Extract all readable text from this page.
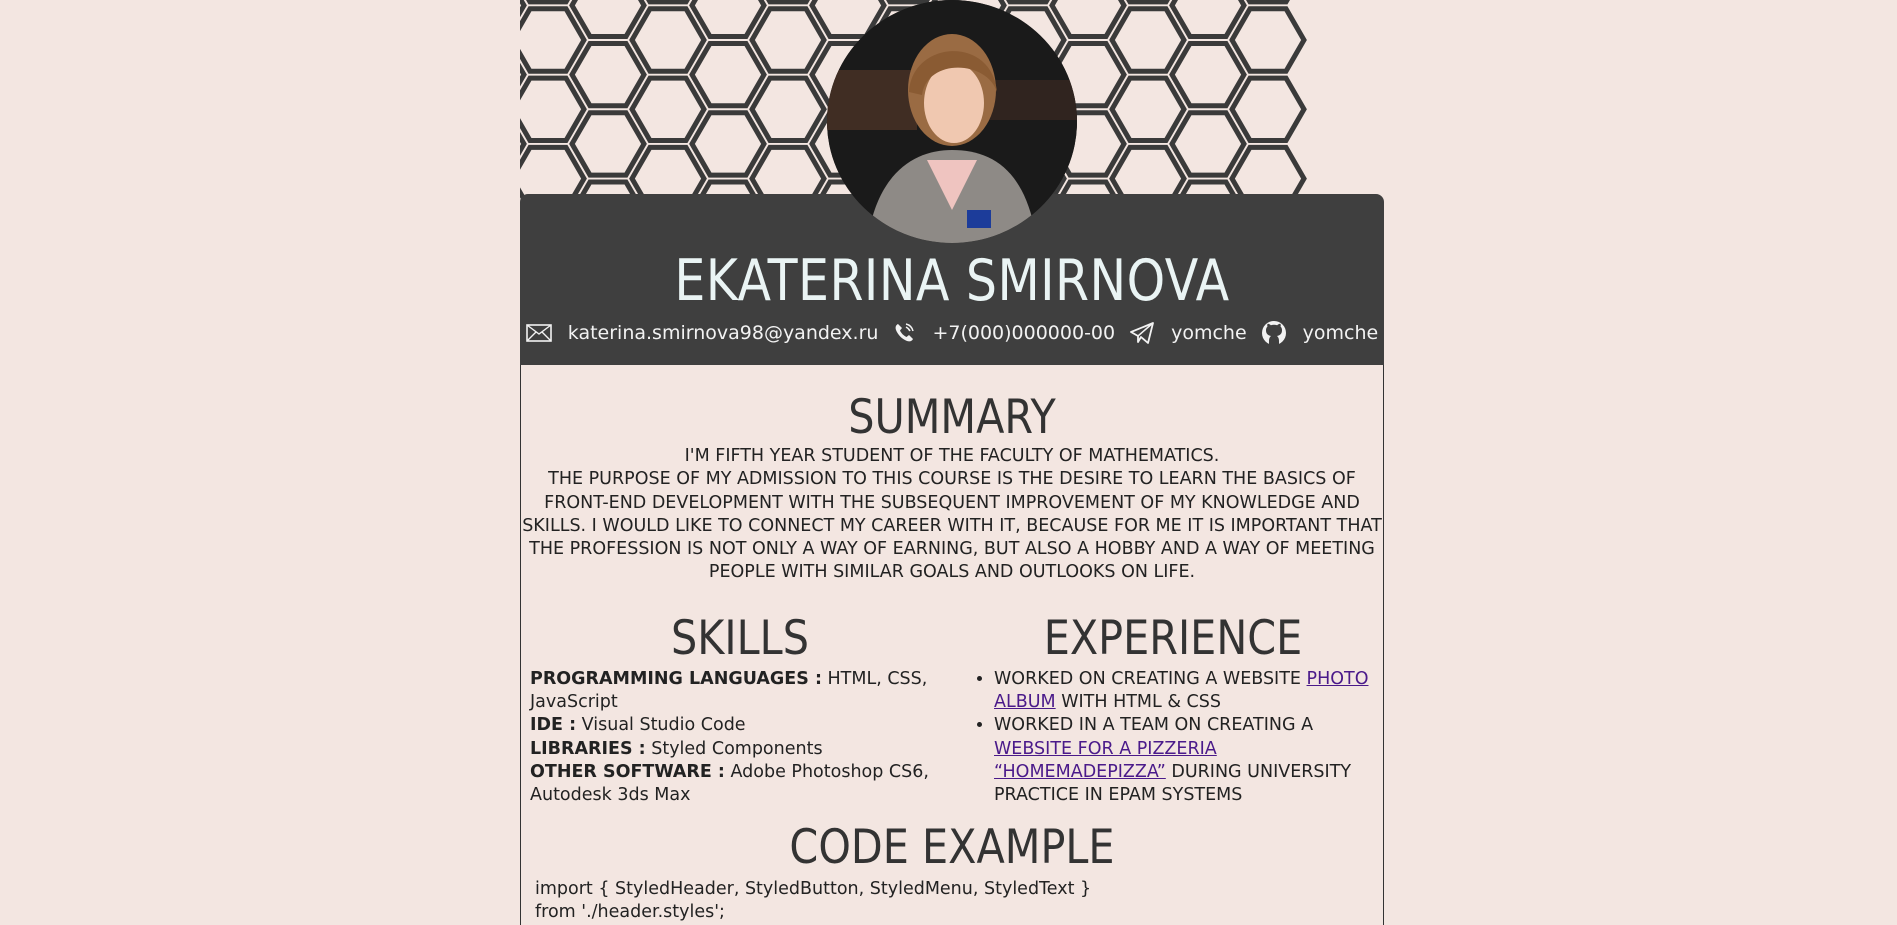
EKATERINA SMIRNOVA
katerina.smirnova98@yandex.ru	+7(000)000000-00	yomche	yomche
SUMMARY

I'M FIFTH YEAR STUDENT OF THE FACULTY OF MATHEMATICS.

THE PURPOSE OF MY ADMISSION TO THIS COURSE IS THE DESIRE TO LEARN THE BASICS OF FRONT-END DEVELOPMENT WITH THE SUBSEQUENT IMPROVEMENT OF MY KNOWLEDGE AND SKILLS. I WOULD LIKE TO CONNECT MY CAREER WITH IT, BECAUSE FOR ME IT IS IMPORTANT THAT THE PROFESSION IS NOT ONLY A WAY OF EARNING, BUT ALSO A HOBBY AND A WAY OF MEETING PEOPLE WITH SIMILAR GOALS AND OUTLOOKS ON LIFE.

SKILLS
PROGRAMMING LANGUAGES : HTML, CSS, JavaScript
IDE : Visual Studio Code
LIBRARIES : Styled Components
OTHER SOFTWARE : Adobe Photoshop CS6, Autodesk 3ds Max
EXPERIENCE
• WORKED ON CREATING A WEBSITE PHOTO ALBUM WITH HTML & CSS
• WORKED IN A TEAM ON CREATING A WEBSITE FOR A PIZZERIA “HOMEMADEPIZZA” DURING UNIVERSITY PRACTICE IN EPAM SYSTEMS
CODE EXAMPLE
import { StyledHeader, StyledButton, StyledMenu, StyledText }
from './header.styles';
